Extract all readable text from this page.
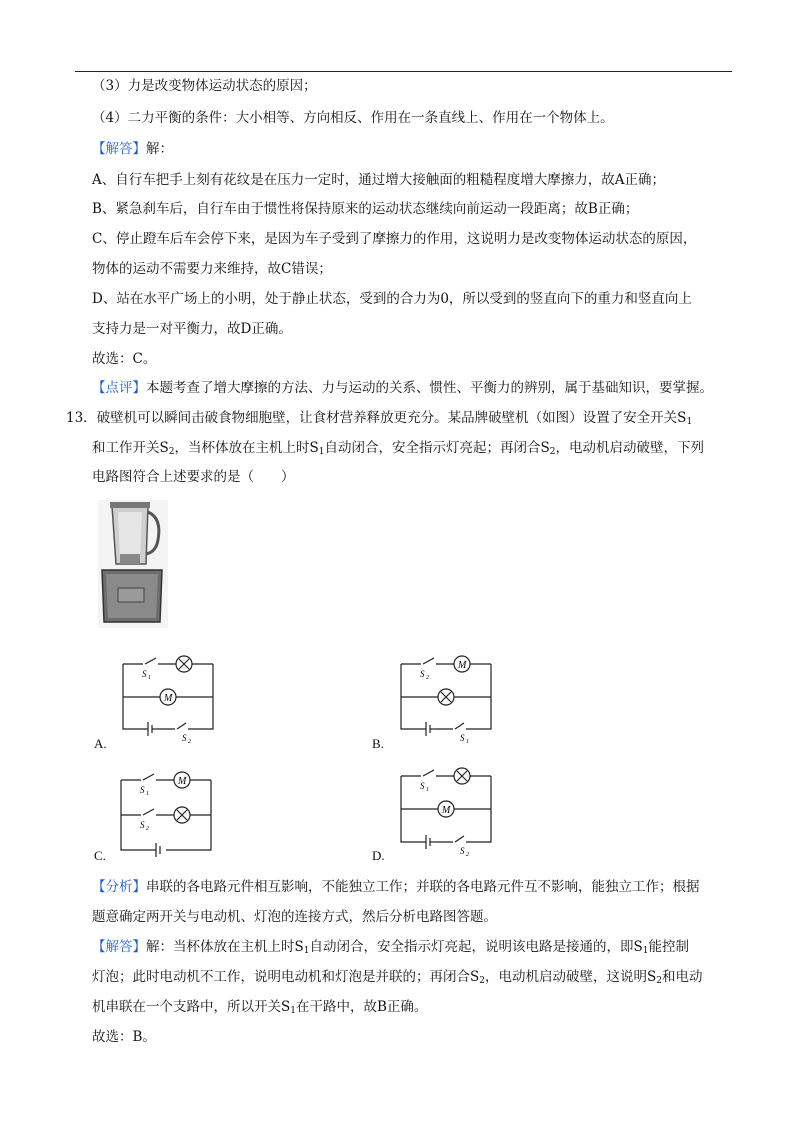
（3）力是改变物体运动状态的原因；
（4）二力平衡的条件：大小相等、方向相反、作用在一条直线上、作用在一个物体上。
【解答】解：
A、自行车把手上刻有花纹是在压力一定时，通过增大接触面的粗糙程度增大摩擦力，故A正确；
B、紧急刹车后，自行车由于惯性将保持原来的运动状态继续向前运动一段距离；故B正确；
C、停止蹬车后车会停下来，是因为车子受到了摩擦力的作用，这说明力是改变物体运动状态的原因，
物体的运动不需要力来维持，故C错误；
D、站在水平广场上的小明，处于静止状态，受到的合力为0，所以受到的竖直向下的重力和竖直向上
支持力是一对平衡力，故D正确。
故选：C。
【点评】本题考查了增大摩擦的方法、力与运动的关系、惯性、平衡力的辨别，属于基础知识，要掌握。
13．破壁机可以瞬间击破食物细胞壁，让食材营养释放更充分。某品牌破壁机（如图）设置了安全开关$S_1$
和工作开关$S_2$，当杯体放在主机上时$S_1$自动闭合，安全指示灯亮起；再闭合$S_2$，电动机启动破壁，下列
电路图符合上述要求的是（　　）
M
S 1
S 2
A.
M
S 2
S 1
B.
M
S 1
S 2
C.
M
S 1
S 2
D.
【分析】串联的各电路元件相互影响，不能独立工作；并联的各电路元件互不影响，能独立工作；根据
题意确定两开关与电动机、灯泡的连接方式，然后分析电路图答题。
【解答】解：当杯体放在主机上时$S_1$自动闭合，安全指示灯亮起，说明该电路是接通的，即$S_1$能控制
灯泡；此时电动机不工作，说明电动机和灯泡是并联的；再闭合$S_2$，电动机启动破壁，这说明$S_2$和电动
机串联在一个支路中，所以开关$S_1$在干路中，故B正确。
故选：B。
